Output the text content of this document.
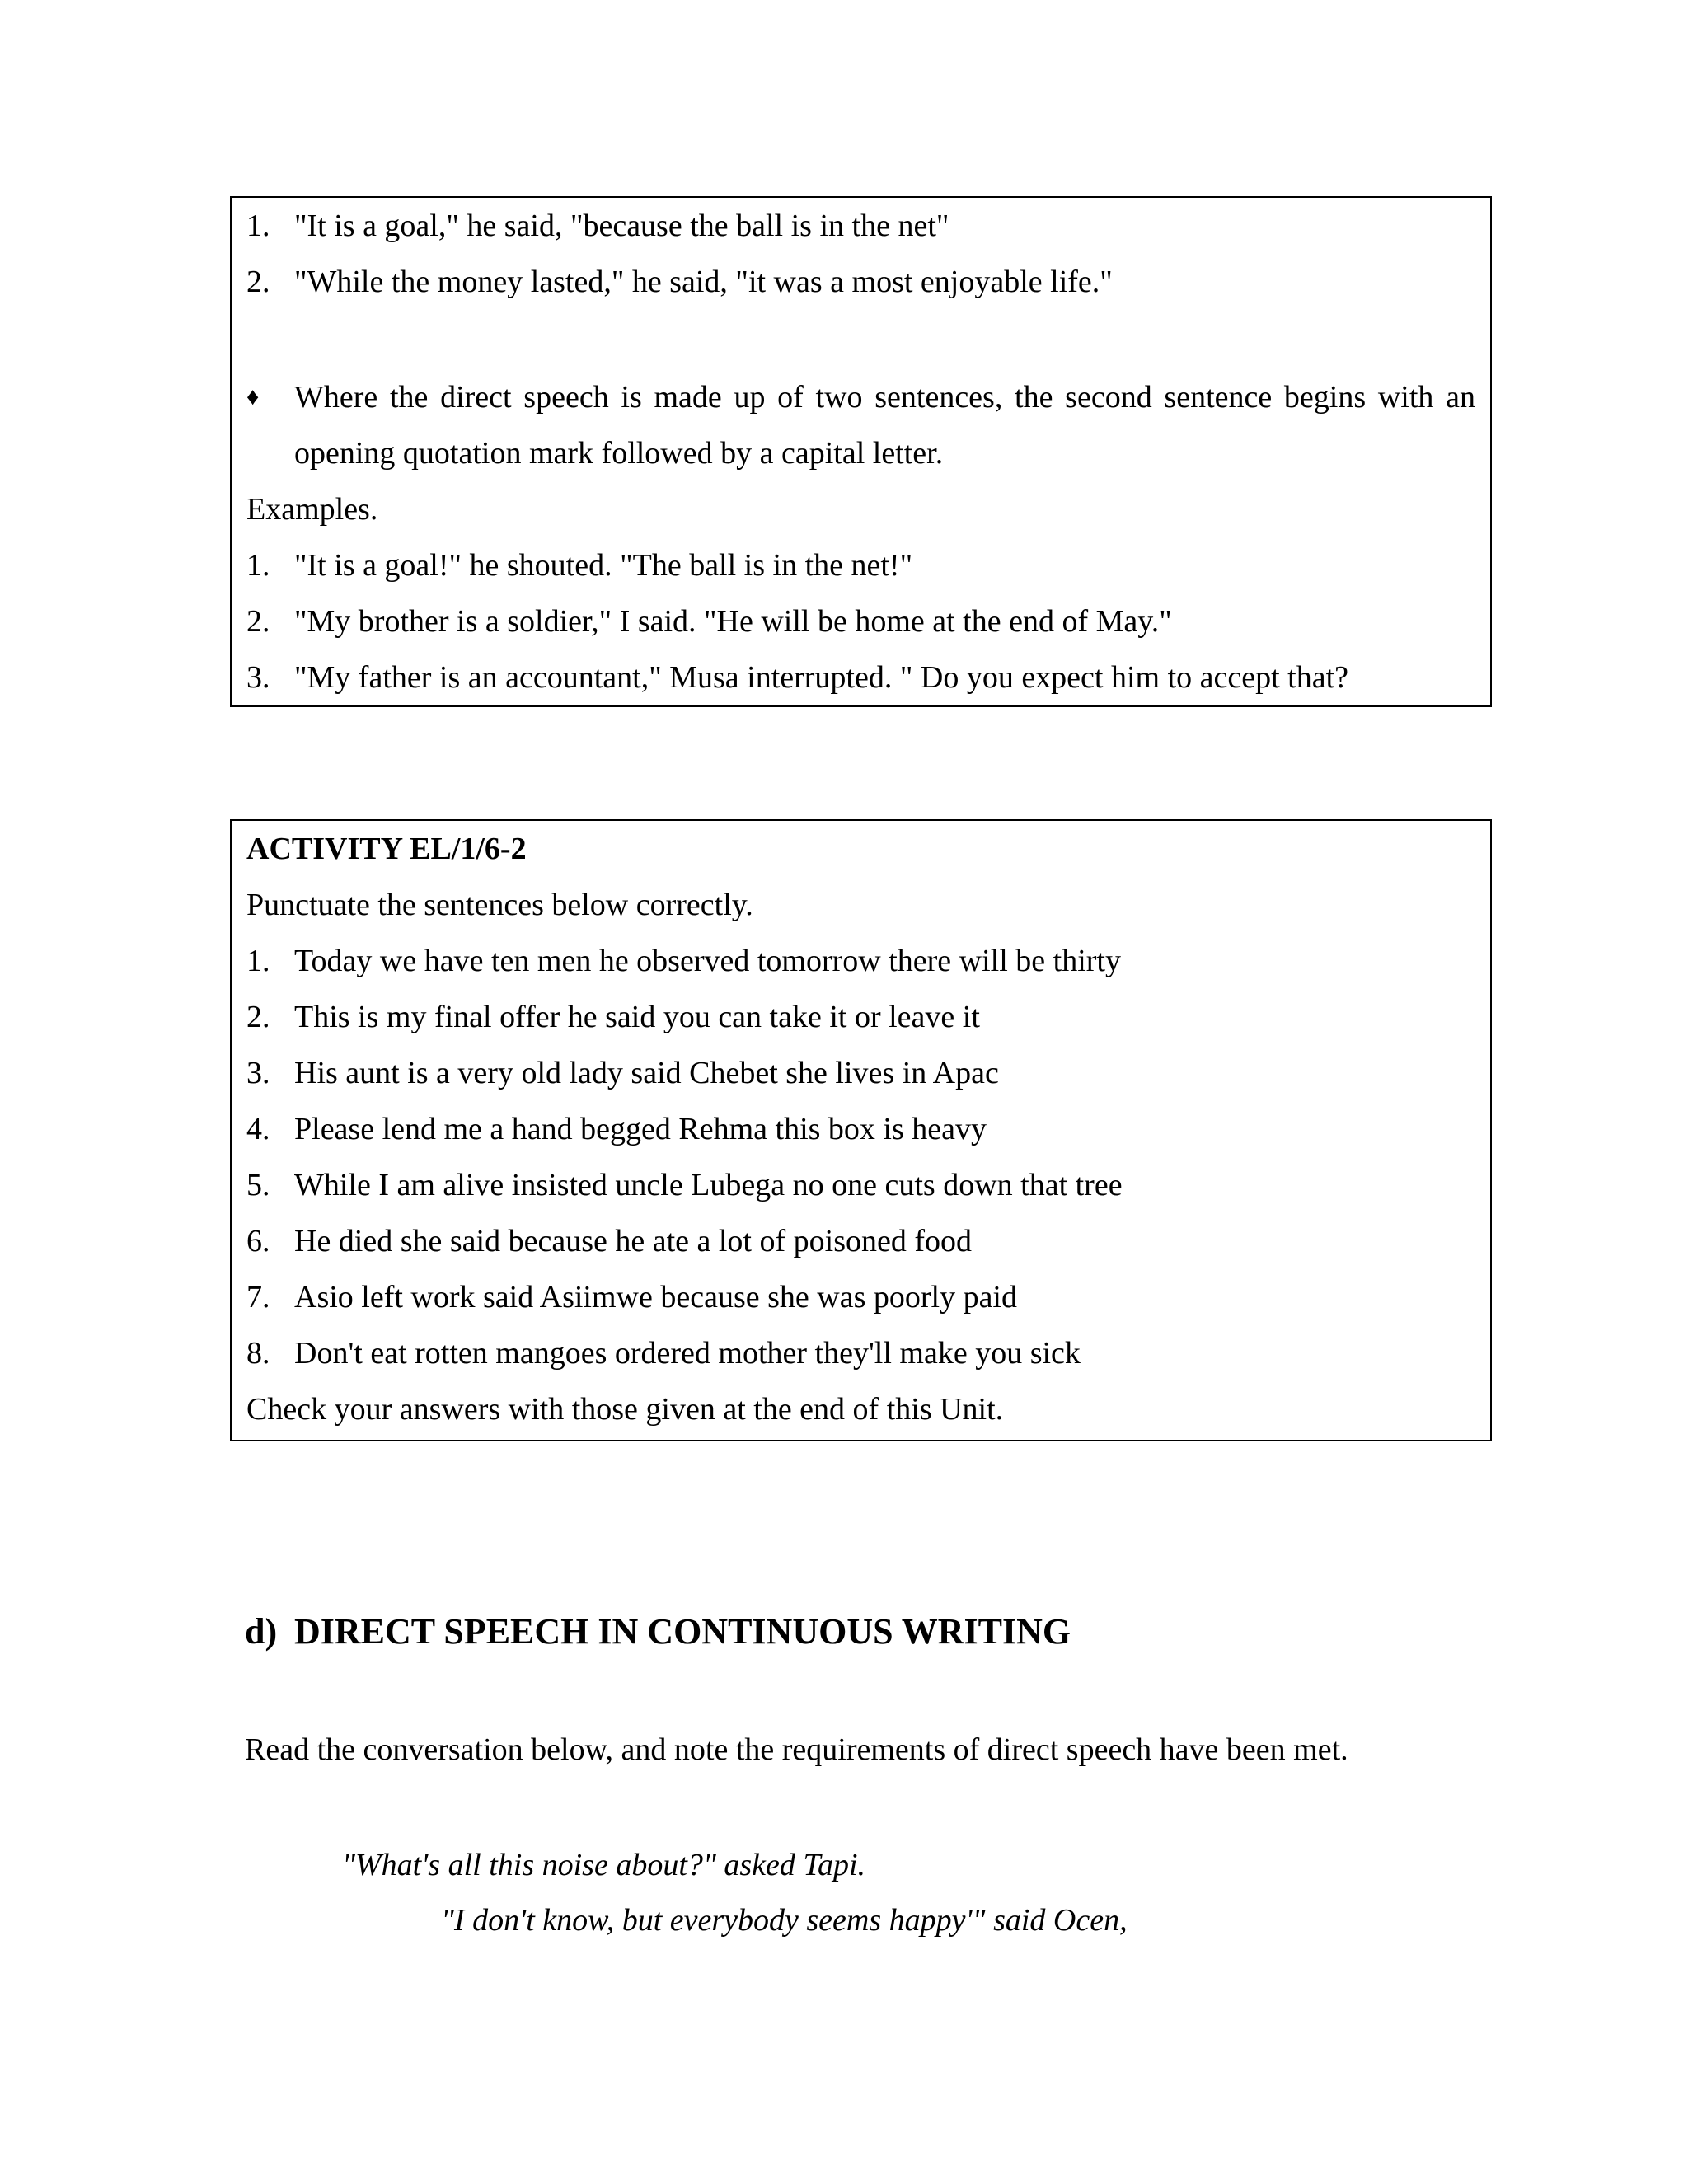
1. "It is a goal," he said, "because the ball is in the net"
2. "While the money lasted," he said, "it was a most enjoyable life."
♦	Where the direct speech is made up of two sentences, the second sentence begins with an opening quotation mark followed by a capital letter.
Examples.
1. "It is a goal!" he shouted. "The ball is in the net!"
2. "My brother is a soldier," I said. "He will be home at the end of May."
3. "My father is an accountant," Musa interrupted. " Do you expect him to accept that?
ACTIVITY EL/1/6-2
Punctuate the sentences below correctly.
1. Today we have ten men he observed tomorrow there will be thirty
2. This is my final offer he said you can take it or leave it
3. His aunt is a very old lady said Chebet she lives in Apac
4. Please lend me a hand begged Rehma this box is heavy
5. While I am alive insisted uncle Lubega no one cuts down that tree
6. He died she said because he ate a lot of poisoned food
7. Asio left work said Asiimwe because she was poorly paid
8. Don't eat rotten mangoes ordered mother they'll make you sick
Check your answers with those given at the end of this Unit.
d) DIRECT SPEECH IN CONTINUOUS WRITING
Read the conversation below, and note the requirements of direct speech have been met.
"What's all this noise about?" asked Tapi.
"I don't know, but everybody seems happy'" said Ocen,
